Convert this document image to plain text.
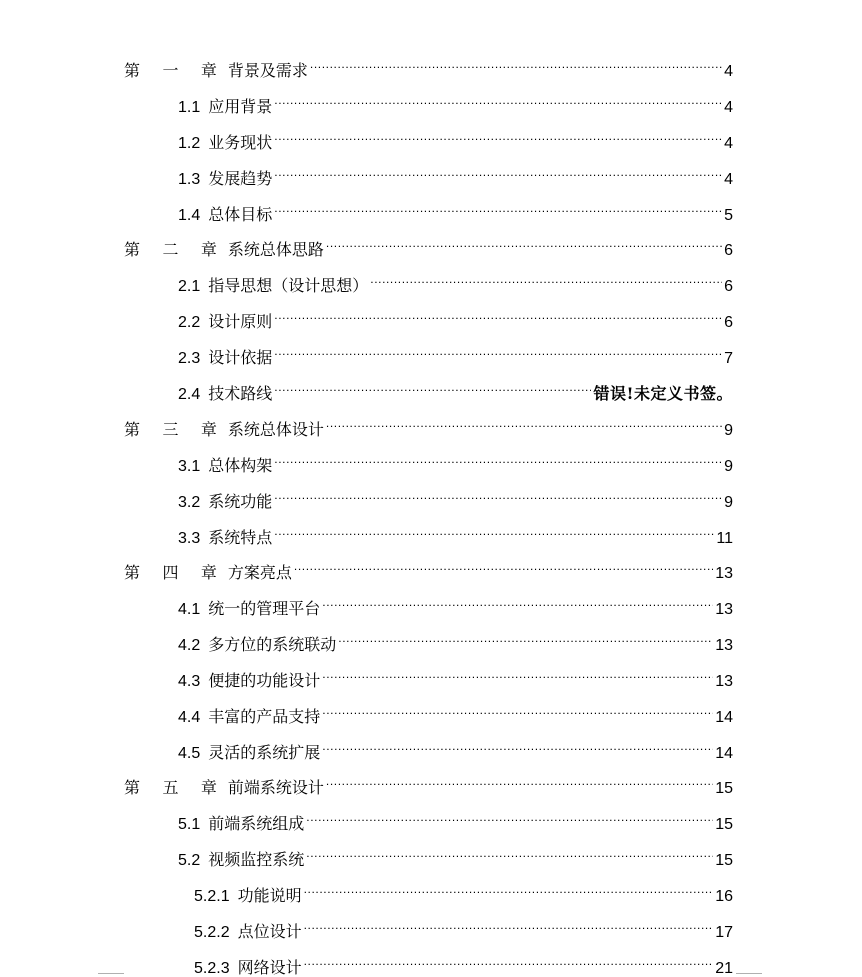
第 一 章 背景及需求 .....	4
1.1 应用背景 .....	4
1.2 业务现状 .....	4
1.3 发展趋势 .....	4
1.4 总体目标 .....	5
第 二 章 系统总体思路 .....	6
2.1 指导思想（设计思想） .....	6
2.2 设计原则 .....	6
2.3 设计依据 .....	7
2.4 技术路线 .....	错误!未定义书签。
第 三 章 系统总体设计 .....	9
3.1 总体构架 .....	9
3.2 系统功能 .....	9
3.3 系统特点 .....	11
第 四 章 方案亮点 .....	13
4.1 统一的管理平台 .....	13
4.2 多方位的系统联动 .....	13
4.3 便捷的功能设计 .....	13
4.4 丰富的产品支持 .....	14
4.5 灵活的系统扩展 .....	14
第 五 章 前端系统设计 .....	15
5.1 前端系统组成 .....	15
5.2 视频监控系统 .....	15
5.2.1 功能说明 .....	16
5.2.2 点位设计 .....	17
5.2.3 网络设计 .....	21
